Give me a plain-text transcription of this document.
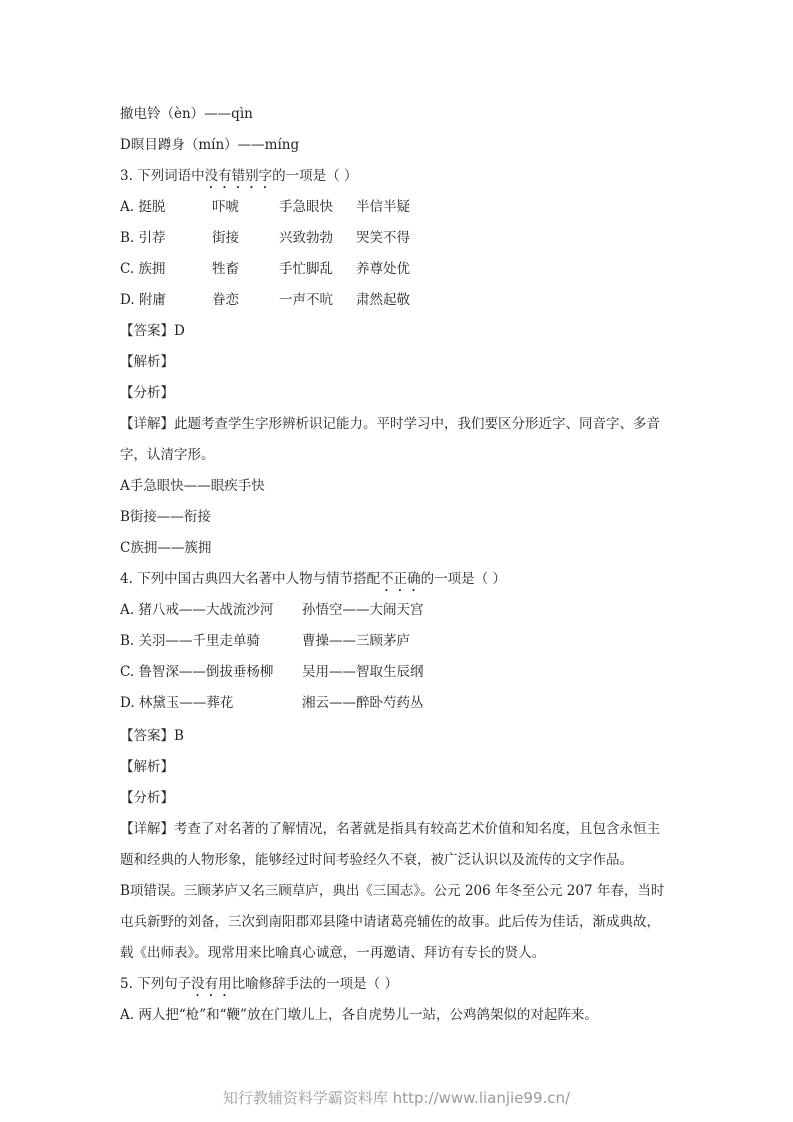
撤电铃（èn）——qìn
D暝目蹲身（mín）——míng
3. 下列词语中没有错别字的一项是（ ）
A. 挺脱	吓唬	手急眼快 半信半疑
B. 引荐	街接	兴致勃勃 哭笑不得
C. 族拥	牲畜	手忙脚乱 养尊处优
D. 附庸	眷恋	一声不吭 肃然起敬
【答案】D
【解析】
【分析】
【详解】此题考查学生字形辨析识记能力。平时学习中，我们要区分形近字、同音字、多音
字，认清字形。
A手急眼快——眼疾手快
B街接——衔接
C族拥——簇拥
4. 下列中国古典四大名著中人物与情节搭配不正确的一项是（ ）
A. 猪八戒——大战流沙河 孙悟空——大闹天宫
B. 关羽——千里走单骑	曹操——三顾茅庐
C. 鲁智深——倒拔垂杨柳 吴用——智取生辰纲
D. 林黛玉——葬花	湘云——醉卧芍药丛
【答案】B
【解析】
【分析】
【详解】考查了对名著的了解情况，名著就是指具有较高艺术价值和知名度，且包含永恒主
题和经典的人物形象，能够经过时间考验经久不衰，被广泛认识以及流传的文字作品。
B项错误。三顾茅庐又名三顾草庐，典出《三国志》。公元 206 年冬至公元 207 年春，当时
屯兵新野的刘备，三次到南阳郡邓县隆中请诸葛亮辅佐的故事。此后传为佳话，渐成典故，
载《出师表》。现常用来比喻真心诚意，一再邀请、拜访有专长的贤人。
5. 下列句子没有用比喻修辞手法的一项是（ ）
A. 两人把“枪”和“鞭”放在门墩儿上，各自虎势儿一站，公鸡鸽架似的对起阵来。
知行教辅资料学霸资料库 http://www.lianjie99.cn/
